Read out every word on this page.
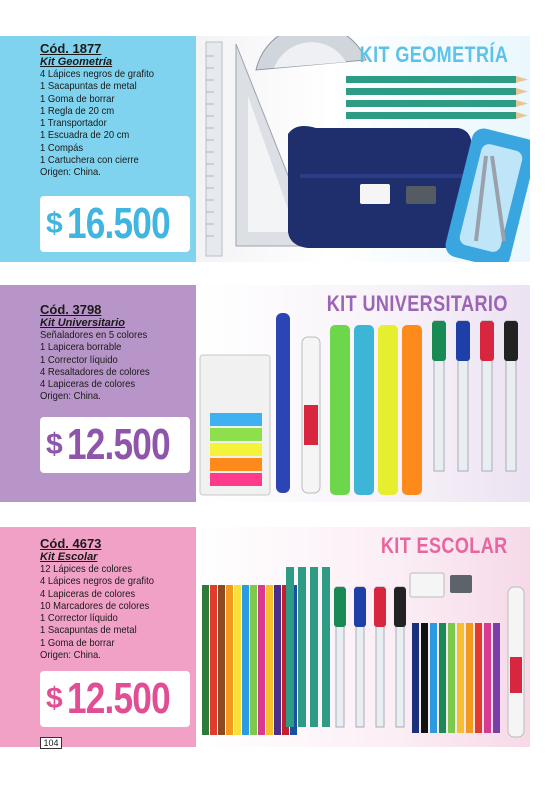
KIT GEOMETRÍA
Cód. 1877
Kit Geometría
4 Lápices negros de grafito
1 Sacapuntas de metal
1 Goma de borrar
1 Regla de 20 cm
1 Transportador
1 Escuadra de 20 cm
1 Compás
1 Cartuchera con cierre
Origen: China.
$ 16.500
KIT UNIVERSITARIO
Cód. 3798
Kit Universitario
Señaladores en 5 colores
1 Lapicera borrable
1 Corrector líquido
4 Resaltadores de colores
4 Lapiceras de colores
Origen: China.
$ 12.500
KIT ESCOLAR
Cód. 4673
Kit Escolar
12 Lápices de colores
4 Lápices negros de grafito
4 Lapiceras de colores
10 Marcadores de colores
1 Corrector líquido
1 Sacapuntas de metal
1 Goma de borrar
Origen: China.
$ 12.500
104
